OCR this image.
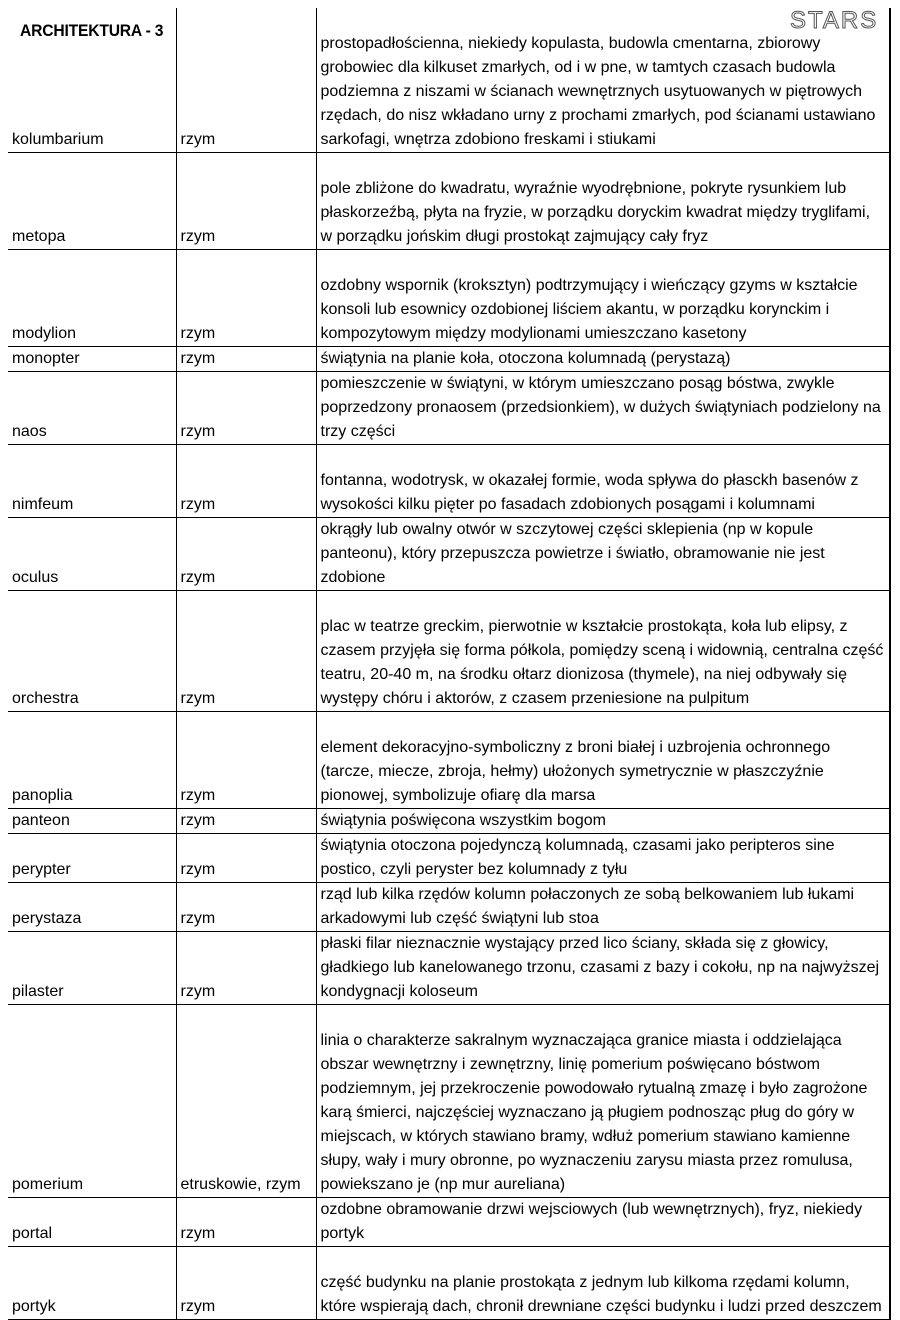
ARCHITEKTURA - 3	STARS
kolumbarium	rzym	prostopadłościenna, niekiedy kopulasta, budowla cmentarna, zbiorowy grobowiec dla kilkuset zmarłych, od i w pne, w tamtych czasach budowla podziemna z niszami w ścianach wewnętrznych usytuowanych w piętrowych rzędach, do nisz wkładano urny z prochami zmarłych, pod ścianami ustawiano sarkofagi, wnętrza zdobiono freskami i stiukami
metopa	rzym	pole zbliżone do kwadratu, wyraźnie wyodrębnione, pokryte rysunkiem lub płaskorzeźbą, płyta na fryzie, w porządku doryckim kwadrat między tryglifami, w porządku jońskim długi prostokąt zajmujący cały fryz
modylion	rzym	ozdobny wspornik (kroksztyn) podtrzymujący i wieńczący gzyms w kształcie konsoli lub esownicy ozdobionej liściem akantu, w porządku korynckim i kompozytowym między modylionami umieszczano kasetony
monopter	rzym	świątynia na planie koła, otoczona kolumnadą (perystazą)
naos	rzym	pomieszczenie w świątyni, w którym umieszczano posąg bóstwa, zwykle poprzedzony pronaosem (przedsionkiem), w dużych świątyniach podzielony na trzy części
nimfeum	rzym	fontanna, wodotrysk, w okazałej formie, woda spływa do płasckh basenów z wysokości kilku pięter po fasadach zdobionych posągami i kolumnami
oculus	rzym	okrągły lub owalny otwór w szczytowej części sklepienia (np w kopule panteonu), który przepuszcza powietrze i światło, obramowanie nie jest zdobione
orchestra	rzym	plac w teatrze greckim, pierwotnie w kształcie prostokąta, koła lub elipsy, z czasem przyjęła się forma półkola, pomiędzy sceną i widownią, centralna część teatru, 20-40 m, na środku ołtarz dionizosa (thymele), na niej odbywały się występy chóru i aktorów, z czasem przeniesione na pulpitum
panoplia	rzym	element dekoracyjno-symboliczny z broni białej i uzbrojenia ochronnego (tarcze, miecze, zbroja, hełmy) ułożonych symetrycznie w płaszczyźnie pionowej, symbolizuje ofiarę dla marsa
panteon	rzym	świątynia poświęcona wszystkim bogom
perypter	rzym	świątynia otoczona pojedynczą kolumnadą, czasami jako peripteros sine postico, czyli peryster bez kolumnady z tyłu
perystaza	rzym	rząd lub kilka rzędów kolumn połaczonych ze sobą belkowaniem lub łukami arkadowymi lub część świątyni lub stoa
pilaster	rzym	płaski filar nieznacznie wystający przed lico ściany, składa się z głowicy, gładkiego lub kanelowanego trzonu, czasami z bazy i cokołu, np na najwyższej kondygnacji koloseum
pomerium	etruskowie, rzym	linia o charakterze sakralnym wyznaczająca granice miasta i oddzielająca obszar wewnętrzny i zewnętrzny, linię pomerium poświęcano bóstwom podziemnym, jej przekroczenie powodowało rytualną zmazę i było zagrożone karą śmierci, najczęściej wyznaczano ją pługiem podnosząc pług do góry w miejscach, w których stawiano bramy, wdłuż pomerium stawiano kamienne słupy, wały i mury obronne, po wyznaczeniu zarysu miasta przez romulusa, powiekszano je (np mur aureliana)
portal	rzym	ozdobne obramowanie drzwi wejsciowych (lub wewnętrznych), fryz, niekiedy portyk
portyk	rzym	część budynku na planie prostokąta z jednym lub kilkoma rzędami kolumn, które wspierają dach, chronił drewniane części budynku i ludzi przed deszczem
